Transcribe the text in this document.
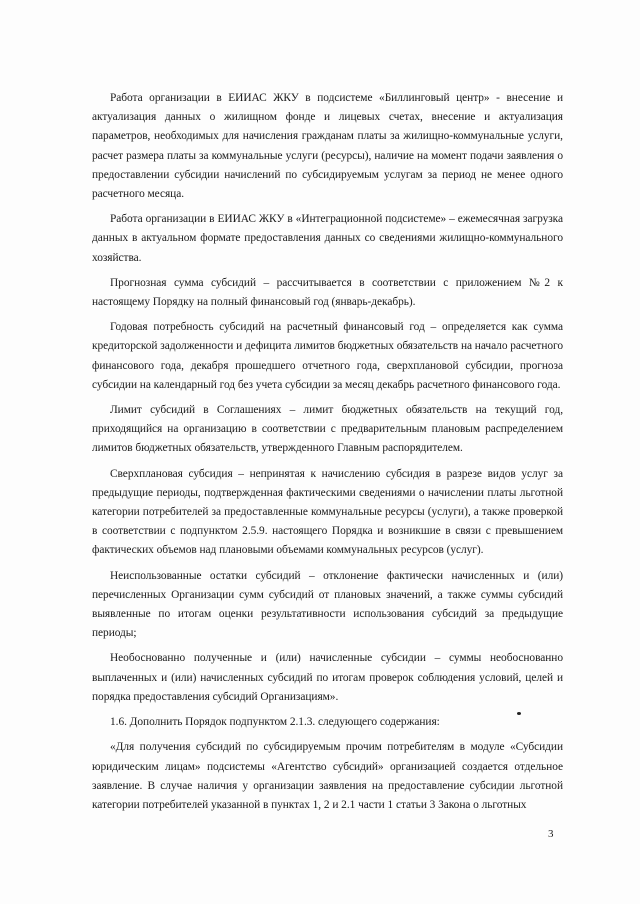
Работа организации в ЕИИАС ЖКУ в подсистеме «Биллинговый центр» - внесение и актуализация данных о жилищном фонде и лицевых счетах, внесение и актуализация параметров, необходимых для начисления гражданам платы за жилищно-коммунальные услуги, расчет размера платы за коммунальные услуги (ресурсы), наличие на момент подачи заявления о предоставлении субсидии начислений по субсидируемым услугам за период не менее одного расчетного месяца.

Работа организации в ЕИИАС ЖКУ в «Интеграционной подсистеме» – ежемесячная загрузка данных в актуальном формате предоставления данных со сведениями жилищно-коммунального хозяйства.

Прогнозная сумма субсидий – рассчитывается в соответствии с приложением №2 к настоящему Порядку на полный финансовый год (январь-декабрь).

Годовая потребность субсидий на расчетный финансовый год – определяется как сумма кредиторской задолженности и дефицита лимитов бюджетных обязательств на начало расчетного финансового года, декабря прошедшего отчетного года, сверхплановой субсидии, прогноза субсидии на календарный год без учета субсидии за месяц декабрь расчетного финансового года.

Лимит субсидий в Соглашениях – лимит бюджетных обязательств на текущий год, приходящийся на организацию в соответствии с предварительным плановым распределением лимитов бюджетных обязательств, утвержденного Главным распорядителем.

Сверхплановая субсидия – непринятая к начислению субсидия в разрезе видов услуг за предыдущие периоды, подтвержденная фактическими сведениями о начислении платы льготной категории потребителей за предоставленные коммунальные ресурсы (услуги), а также проверкой в соответствии с подпунктом 2.5.9. настоящего Порядка и возникшие в связи с превышением фактических объемов над плановыми объемами коммунальных ресурсов (услуг).

Неиспользованные остатки субсидий – отклонение фактически начисленных и (или) перечисленных Организации сумм субсидий от плановых значений, а также суммы субсидий выявленные по итогам оценки результативности использования субсидий за предыдущие периоды;

Необоснованно полученные и (или) начисленные субсидии – суммы необоснованно выплаченных и (или) начисленных субсидий по итогам проверок соблюдения условий, целей и порядка предоставления субсидий Организациям».

1.6. Дополнить Порядок подпунктом 2.1.3. следующего содержания:

«Для получения субсидий по субсидируемым прочим потребителям в модуле «Субсидии юридическим лицам» подсистемы «Агентство субсидий» организацией создается отдельное заявление. В случае наличия у организации заявления на предоставление субсидии льготной категории потребителей указанной в пунктах 1, 2 и 2.1 части 1 статьи 3 Закона о льготных

3
